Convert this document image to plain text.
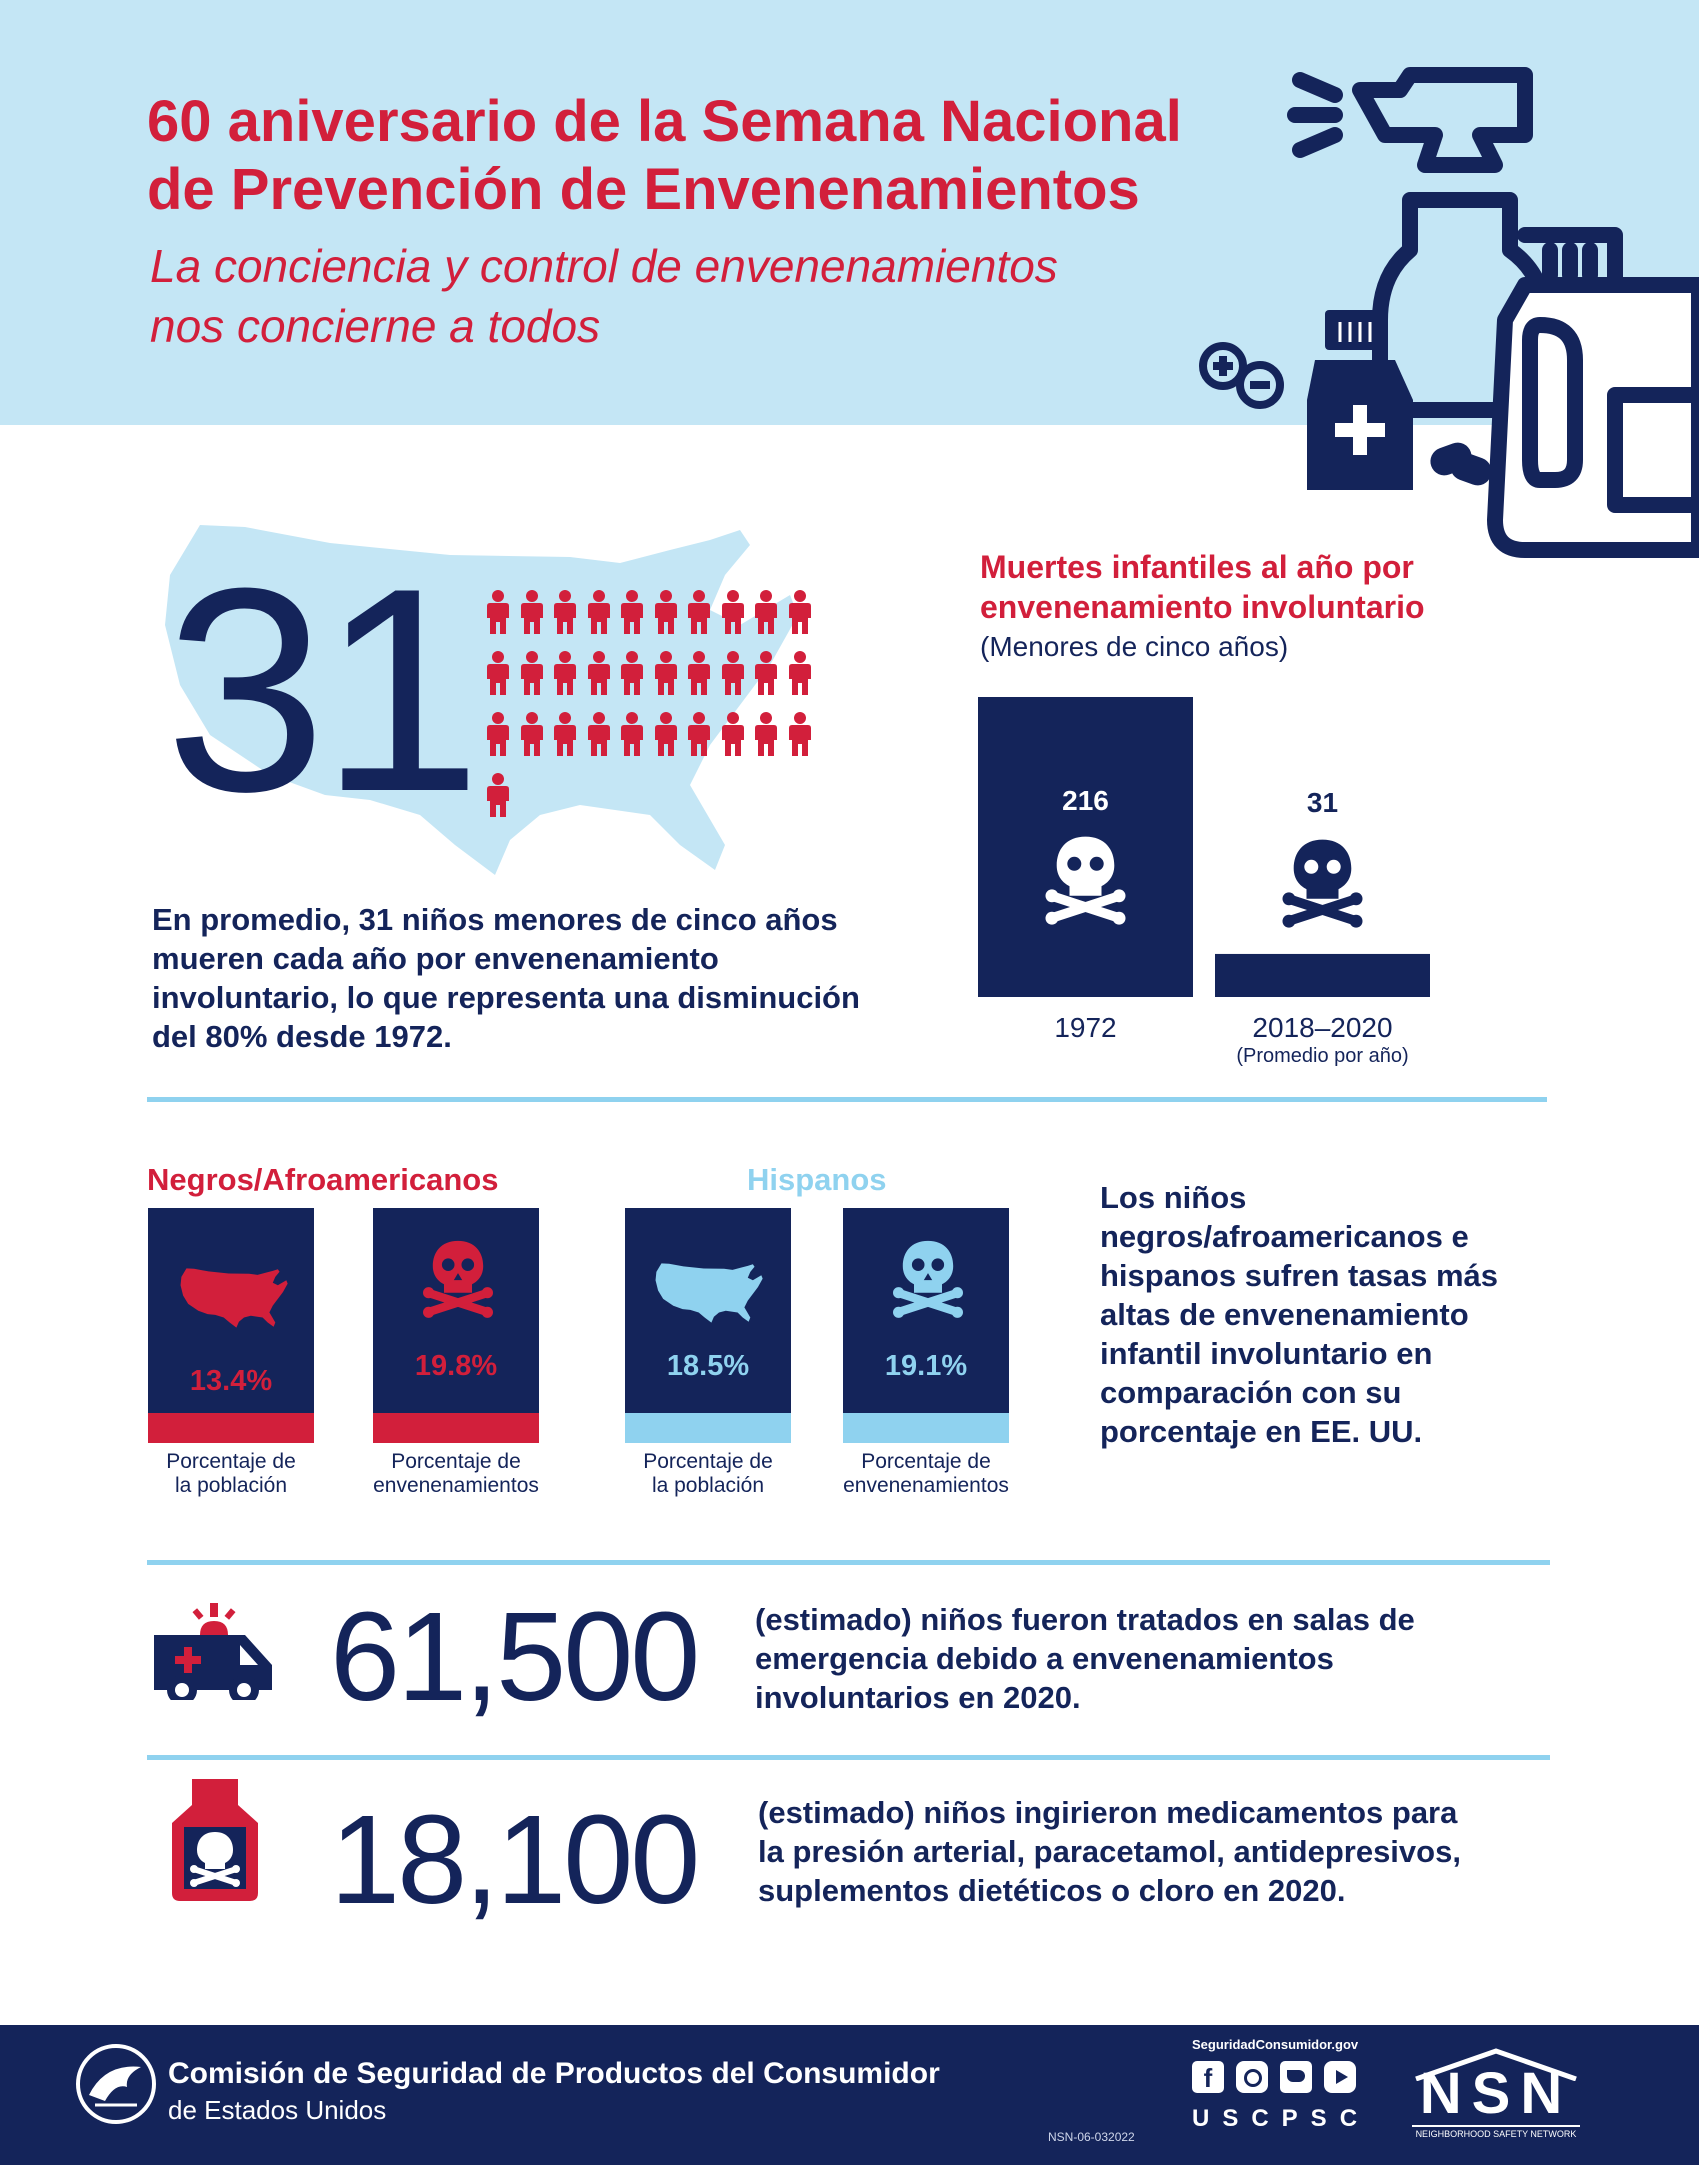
60 aniversario de la Semana Nacional
de Prevención de Envenenamientos
La conciencia y control de envenenamientos
nos concierne a todos
31
En promedio, 31 niños menores de cinco años mueren cada año por envenenamiento involuntario, lo que representa una disminución del 80% desde 1972.
Muertes infantiles al año por
envenenamiento involuntario
(Menores de cinco años)
216
1972
31
2018–2020
(Promedio por año)
Negros/Afroamericanos	Hispanos
13.4%
Porcentaje de
la población
19.8%
Porcentaje de
envenenamientos
18.5%
Porcentaje de
la población
19.1%
Porcentaje de
envenenamientos
Los niños negros/afroamericanos e hispanos sufren tasas más altas de envenenamiento infantil involuntario en comparación con su porcentaje en EE. UU.
61,500 (estimado) niños fueron tratados en salas de
emergencia debido a envenenamientos
involuntarios en 2020.
18,100 (estimado) niños ingirieron medicamentos para
la presión arterial, paracetamol, antidepresivos,
suplementos dietéticos o cloro en 2020.
Comisión de Seguridad de Productos del Consumidor
de Estados Unidos
NSN-06-032022
SeguridadConsumidor.gov
f
USCPSC NSN
NEIGHBORHOOD SAFETY NETWORK
